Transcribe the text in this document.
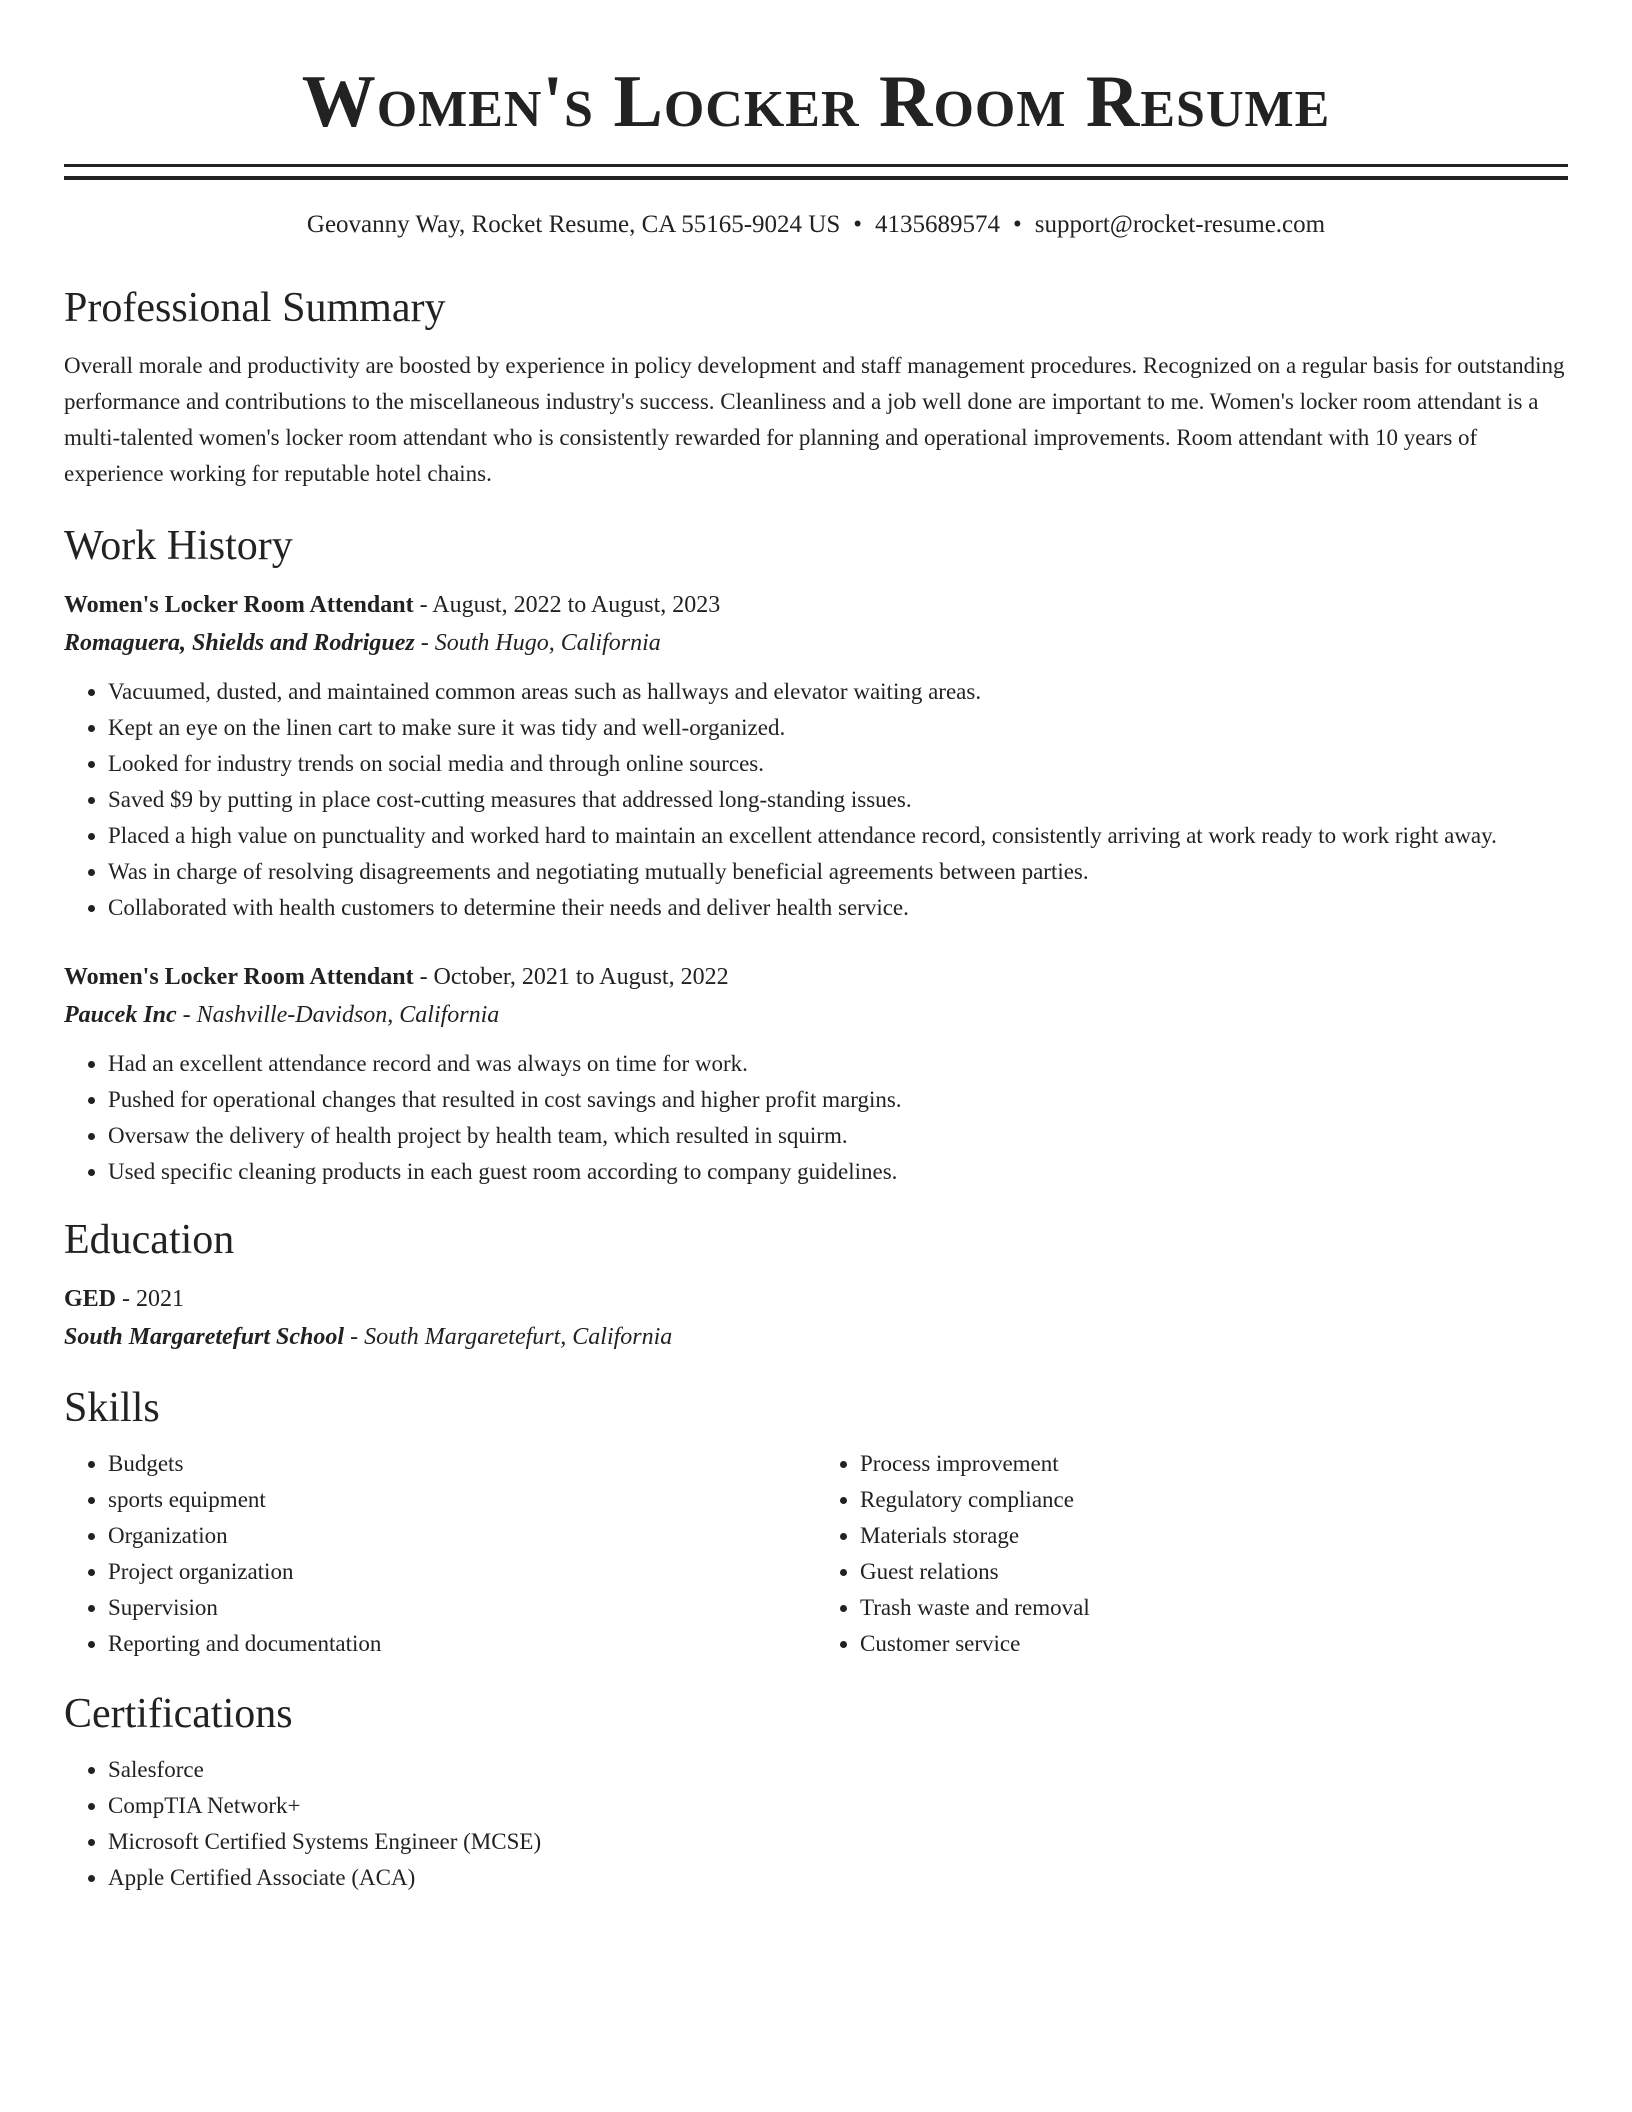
Women's Locker Room Resume
Geovanny Way, Rocket Resume, CA 55165-9024 US • 4135689574 • support@rocket-resume.com
Professional Summary

Overall morale and productivity are boosted by experience in policy development and staff management procedures. Recognized on a regular basis for outstanding performance and contributions to the miscellaneous industry's success. Cleanliness and a job well done are important to me. Women's locker room attendant is a multi-talented women's locker room attendant who is consistently rewarded for planning and operational improvements. Room attendant with 10 years of experience working for reputable hotel chains.

Work History

Women's Locker Room Attendant - August, 2022 to August, 2023

Romaguera, Shields and Rodriguez - South Hugo, California

• Vacuumed, dusted, and maintained common areas such as hallways and elevator waiting areas.
• Kept an eye on the linen cart to make sure it was tidy and well-organized.
• Looked for industry trends on social media and through online sources.
• Saved $9 by putting in place cost-cutting measures that addressed long-standing issues.
• Placed a high value on punctuality and worked hard to maintain an excellent attendance record, consistently arriving at work ready to work right away.
• Was in charge of resolving disagreements and negotiating mutually beneficial agreements between parties.
• Collaborated with health customers to determine their needs and deliver health service.

Women's Locker Room Attendant - October, 2021 to August, 2022

Paucek Inc - Nashville-Davidson, California

• Had an excellent attendance record and was always on time for work.
• Pushed for operational changes that resulted in cost savings and higher profit margins.
• Oversaw the delivery of health project by health team, which resulted in squirm.
• Used specific cleaning products in each guest room according to company guidelines.
Education

GED - 2021

South Margaretefurt School - South Margaretefurt, California

Skills
• Budgets
• sports equipment
• Organization
• Project organization
• Supervision
• Reporting and documentation
• Process improvement
• Regulatory compliance
• Materials storage
• Guest relations
• Trash waste and removal
• Customer service
Certifications
• Salesforce
• CompTIA Network+
• Microsoft Certified Systems Engineer (MCSE)
• Apple Certified Associate (ACA)
